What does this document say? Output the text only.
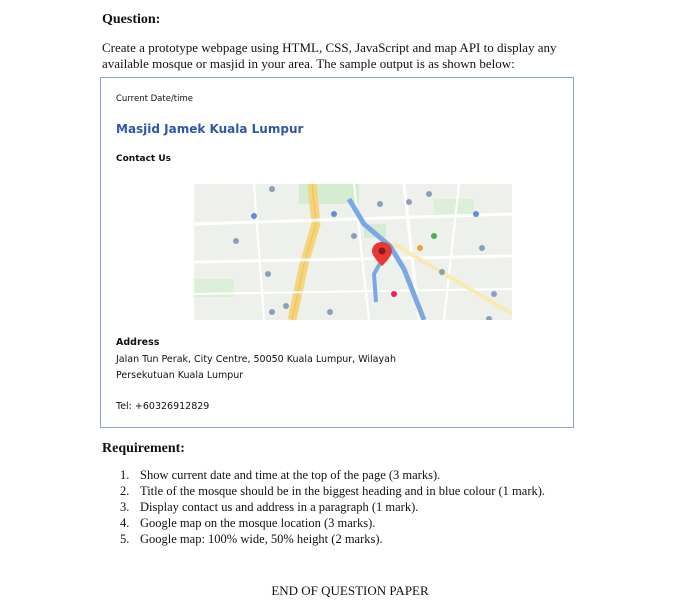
Question:
Create a prototype webpage using HTML, CSS, JavaScript and map API to display any
available mosque or masjid in your area. The sample output is as shown below:
Current Date/time
Masjid Jamek Kuala Lumpur
Contact Us
Address
Jalan Tun Perak, City Centre, 50050 Kuala Lumpur, Wilayah
Persekutuan Kuala Lumpur
Tel: +60326912829
Requirement:
1. Show current date and time at the top of the page (3 marks).
2. Title of the mosque should be in the biggest heading and in blue colour (1 mark).
3. Display contact us and address in a paragraph (1 mark).
4. Google map on the mosque location (3 marks).
5. Google map: 100% wide, 50% height (2 marks).
END OF QUESTION PAPER
